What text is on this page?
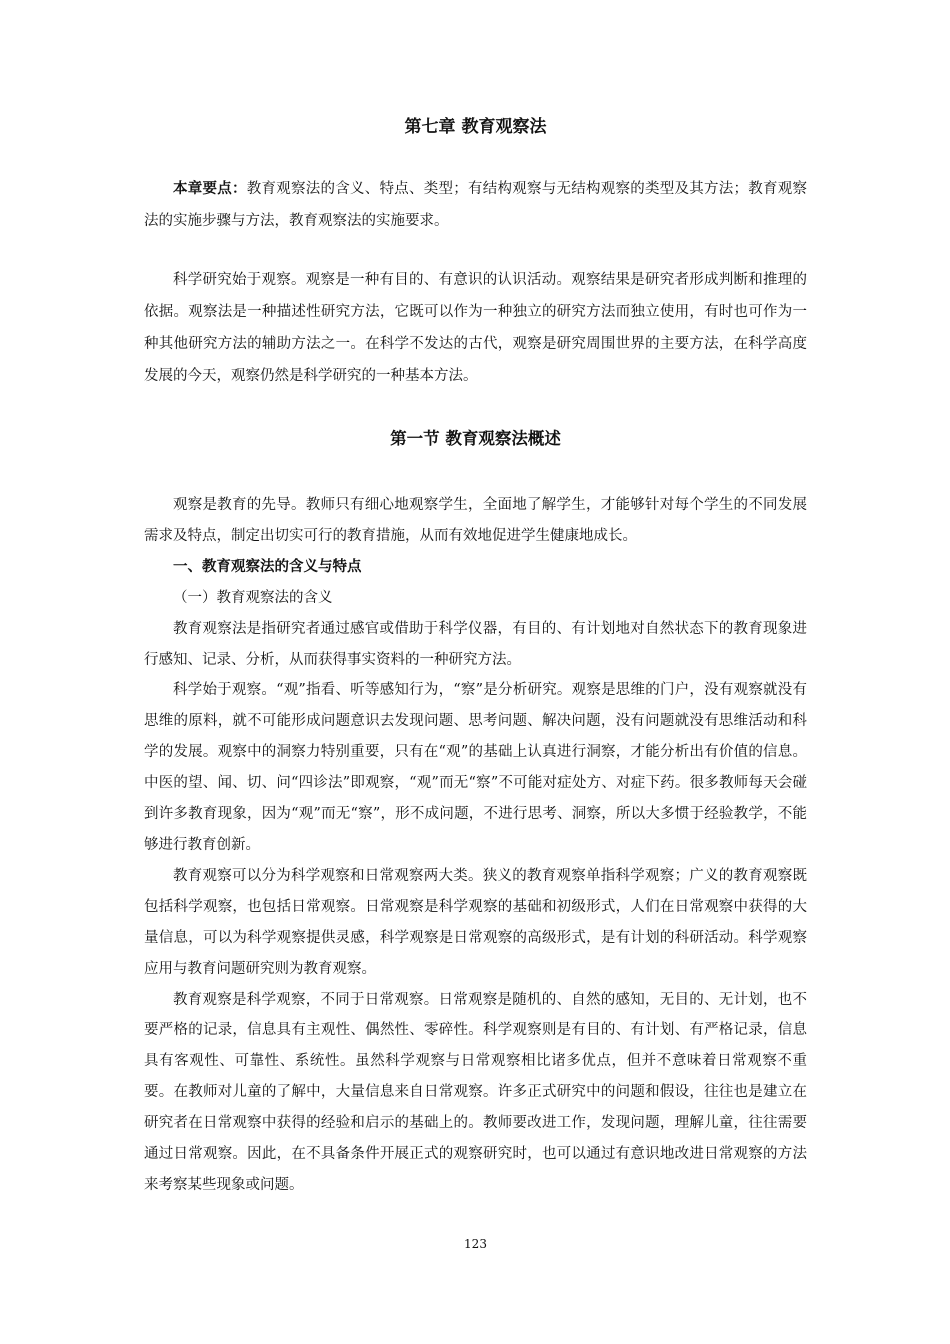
第七章 教育观察法

本章要点：教育观察法的含义、特点、类型；有结构观察与无结构观察的类型及其方法；教育观察法的实施步骤与方法，教育观察法的实施要求。

科学研究始于观察。观察是一种有目的、有意识的认识活动。观察结果是研究者形成判断和推理的依据。观察法是一种描述性研究方法，它既可以作为一种独立的研究方法而独立使用，有时也可作为一种其他研究方法的辅助方法之一。在科学不发达的古代，观察是研究周围世界的主要方法，在科学高度发展的今天，观察仍然是科学研究的一种基本方法。

第一节 教育观察法概述

观察是教育的先导。教师只有细心地观察学生，全面地了解学生，才能够针对每个学生的不同发展需求及特点，制定出切实可行的教育措施，从而有效地促进学生健康地成长。

一、教育观察法的含义与特点

（一）教育观察法的含义

教育观察法是指研究者通过感官或借助于科学仪器，有目的、有计划地对自然状态下的教育现象进行感知、记录、分析，从而获得事实资料的一种研究方法。

科学始于观察。“观”指看、听等感知行为，“察”是分析研究。观察是思维的门户，没有观察就没有思维的原料，就不可能形成问题意识去发现问题、思考问题、解决问题，没有问题就没有思维活动和科学的发展。观察中的洞察力特别重要，只有在“观”的基础上认真进行洞察，才能分析出有价值的信息。中医的望、闻、切、问“四诊法”即观察，“观”而无“察”不可能对症处方、对症下药。很多教师每天会碰到许多教育现象，因为“观”而无“察”，形不成问题，不进行思考、洞察，所以大多惯于经验教学，不能够进行教育创新。

教育观察可以分为科学观察和日常观察两大类。狭义的教育观察单指科学观察；广义的教育观察既包括科学观察，也包括日常观察。日常观察是科学观察的基础和初级形式，人们在日常观察中获得的大量信息，可以为科学观察提供灵感，科学观察是日常观察的高级形式，是有计划的科研活动。科学观察应用与教育问题研究则为教育观察。

教育观察是科学观察，不同于日常观察。日常观察是随机的、自然的感知，无目的、无计划，也不要严格的记录，信息具有主观性、偶然性、零碎性。科学观察则是有目的、有计划、有严格记录，信息具有客观性、可靠性、系统性。虽然科学观察与日常观察相比诸多优点，但并不意味着日常观察不重要。在教师对儿童的了解中，大量信息来自日常观察。许多正式研究中的问题和假设，往往也是建立在研究者在日常观察中获得的经验和启示的基础上的。教师要改进工作，发现问题，理解儿童，往往需要通过日常观察。因此，在不具备条件开展正式的观察研究时，也可以通过有意识地改进日常观察的方法来考察某些现象或问题。

123
